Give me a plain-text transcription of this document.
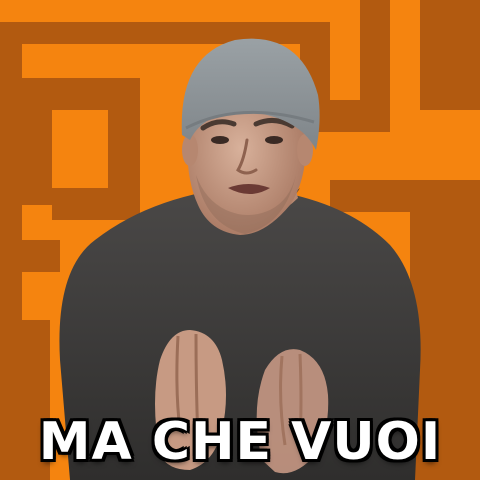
MA CHE VUOI
